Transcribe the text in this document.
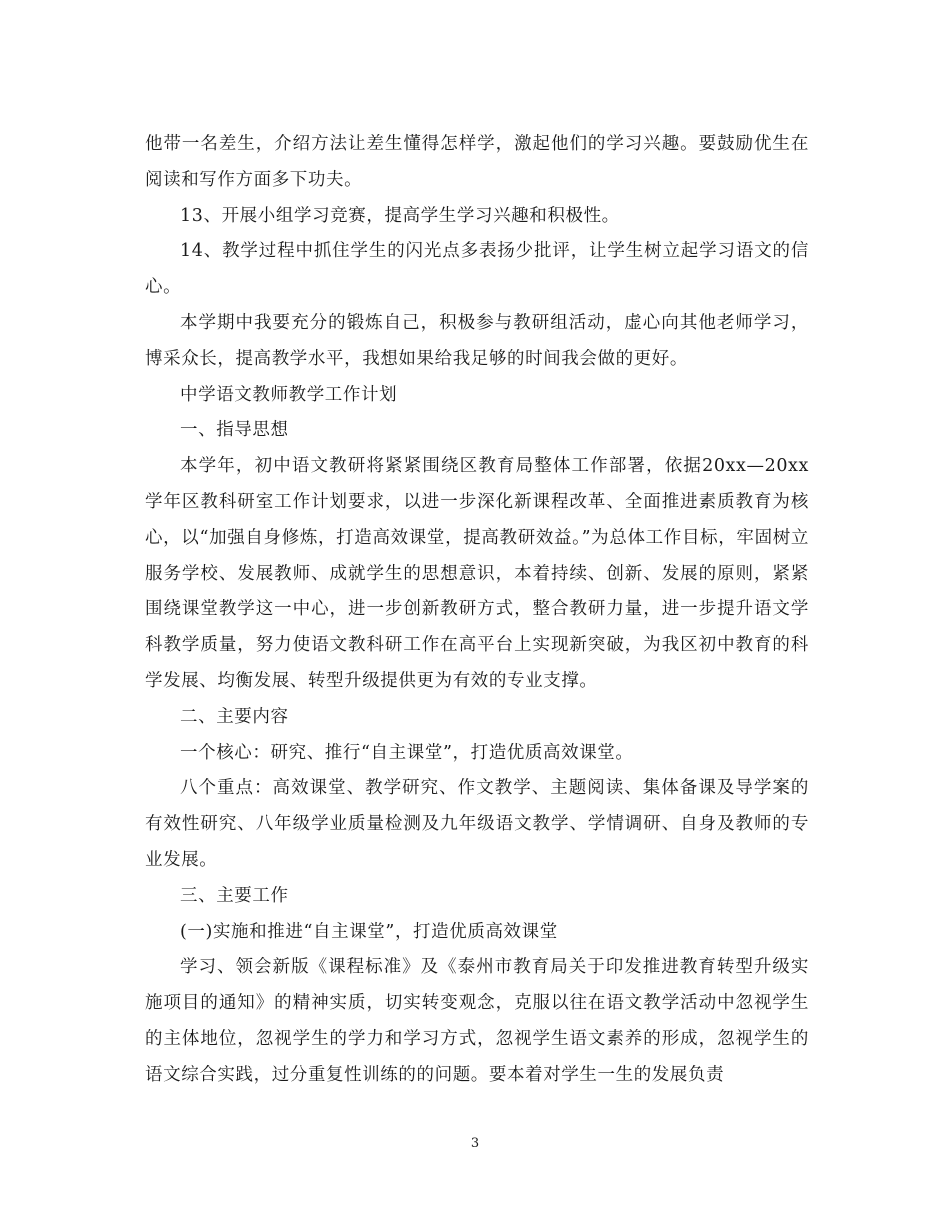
他带一名差生，介绍方法让差生懂得怎样学，激起他们的学习兴趣。要鼓励优生在阅读和写作方面多下功夫。

13、开展小组学习竞赛，提高学生学习兴趣和积极性。

14、教学过程中抓住学生的闪光点多表扬少批评，让学生树立起学习语文的信心。

本学期中我要充分的锻炼自己，积极参与教研组活动，虚心向其他老师学习，博采众长，提高教学水平，我想如果给我足够的时间我会做的更好。

中学语文教师教学工作计划

一、指导思想

本学年，初中语文教研将紧紧围绕区教育局整体工作部署，依据20xx—20xx学年区教科研室工作计划要求，以进一步深化新课程改革、全面推进素质教育为核心，以“加强自身修炼，打造高效课堂，提高教研效益。”为总体工作目标，牢固树立服务学校、发展教师、成就学生的思想意识，本着持续、创新、发展的原则，紧紧围绕课堂教学这一中心，进一步创新教研方式，整合教研力量，进一步提升语文学科教学质量，努力使语文教科研工作在高平台上实现新突破，为我区初中教育的科学发展、均衡发展、转型升级提供更为有效的专业支撑。

二、主要内容

一个核心：研究、推行“自主课堂”，打造优质高效课堂。

八个重点：高效课堂、教学研究、作文教学、主题阅读、集体备课及导学案的有效性研究、八年级学业质量检测及九年级语文教学、学情调研、自身及教师的专业发展。

三、主要工作

(一)实施和推进“自主课堂”，打造优质高效课堂

学习、领会新版《课程标准》及《泰州市教育局关于印发推进教育转型升级实施项目的通知》的精神实质，切实转变观念，克服以往在语文教学活动中忽视学生的主体地位，忽视学生的学力和学习方式，忽视学生语文素养的形成，忽视学生的语文综合实践，过分重复性训练的的问题。要本着对学生一生的发展负责

3
